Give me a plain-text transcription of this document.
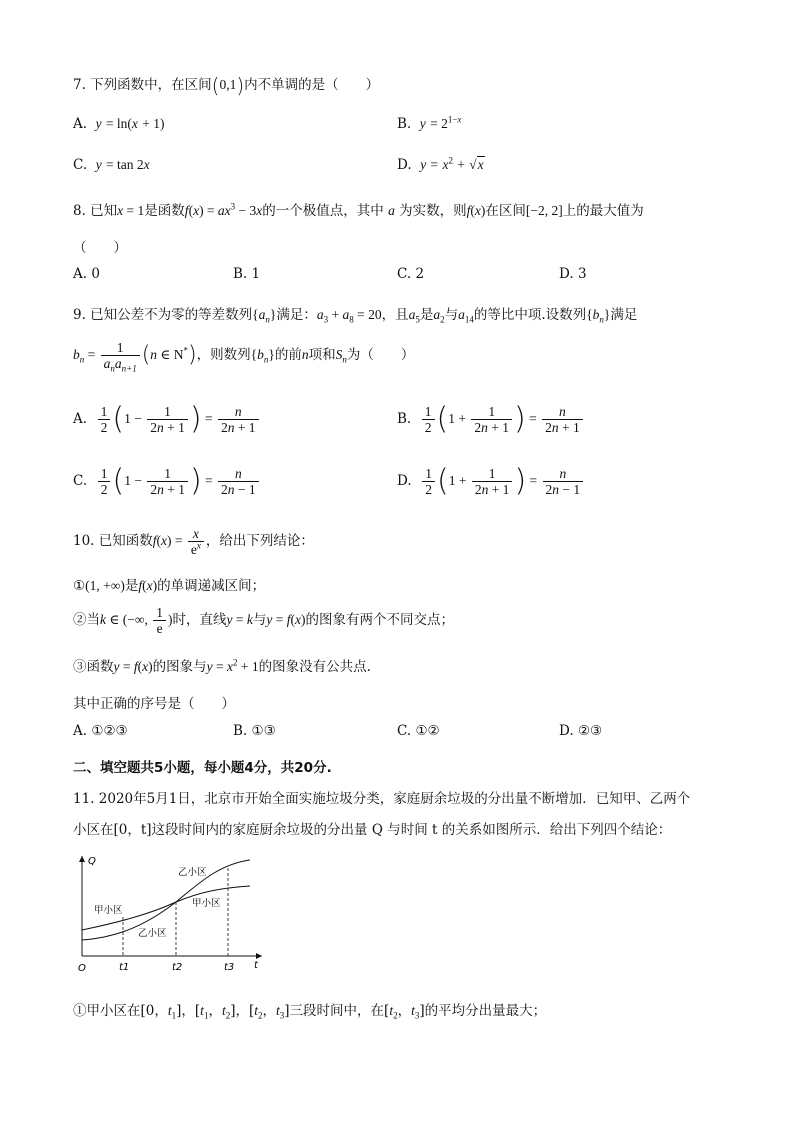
7. 下列函数中，在区间(0,1)内不单调的是（　　）
A.  y = ln(x + 1)	B.  $y = 2^{1-x}$
C.  y = tan 2x	D.  $y = x^2 + √x$
8. 已知x = 1是函数$f(x) = ax^3 - 3x$的一个极值点，其中 a 为实数，则f(x)在区间[−2, 2]上的最大值为
（　　）
A. 0	B. 1	C. 2	D. 3
9. 已知公差不为零的等差数列$\{a_n\}$满足：$a_3 + a_8 = 20$，且$a_5$是$a_2$与$a_{14}$的等比中项.设数列$\{b_n\}$满足
$b_n = \frac{1}{a_na_{n+1}} (n$ ∈ N*)，则数列$\{b_n\}$的前n项和$S_n$为（　　）
A. $\frac{1}{2} (1 - \frac{1}{2n + 1}$ ) = $\frac{n}{2n + 1}$	B. $\frac{1}{2} (1 + \frac{1}{2n + 1}$ ) = $\frac{n}{2n + 1}$
C. $\frac{1}{2} (1 - \frac{1}{2n + 1}$ ) = $\frac{n}{2n - 1}$	D. $\frac{1}{2} (1 + \frac{1}{2n + 1}$ ) = $\frac{n}{2n - 1}$
10. 已知函数$f(x) = \frac{x}{e^x}$ ，给出下列结论：
①(1, +∞)是f(x)的单调递减区间；
②当k ∈ (−∞, $\frac{1}{e}$ )时，直线y = k与y = f(x)的图象有两个不同交点；
③函数y = f(x)的图象与$y = x^2 + 1$的图象没有公共点.
其中正确的序号是（　　）
A. ①②③	B. ①③	C. ①②	D. ②③
二、填空题共5小题，每小题4分，共20分.
11. 2020年5月1日，北京市开始全面实施垃圾分类，家庭厨余垃圾的分出量不断增加．已知甲、乙两个
小区在[0，t]这段时间内的家庭厨余垃圾的分出量 Q 与时间 t 的关系如图所示．给出下列四个结论：
Q
t
O	t1	t2	t3
甲小区
乙小区
乙小区
甲小区
①甲小区在[0，$t_1$]，[$t_1$，$t_2$]，[$t_2$，$t_3$]三段时间中，在[$t_2$，$t_3$]的平均分出量最大；
